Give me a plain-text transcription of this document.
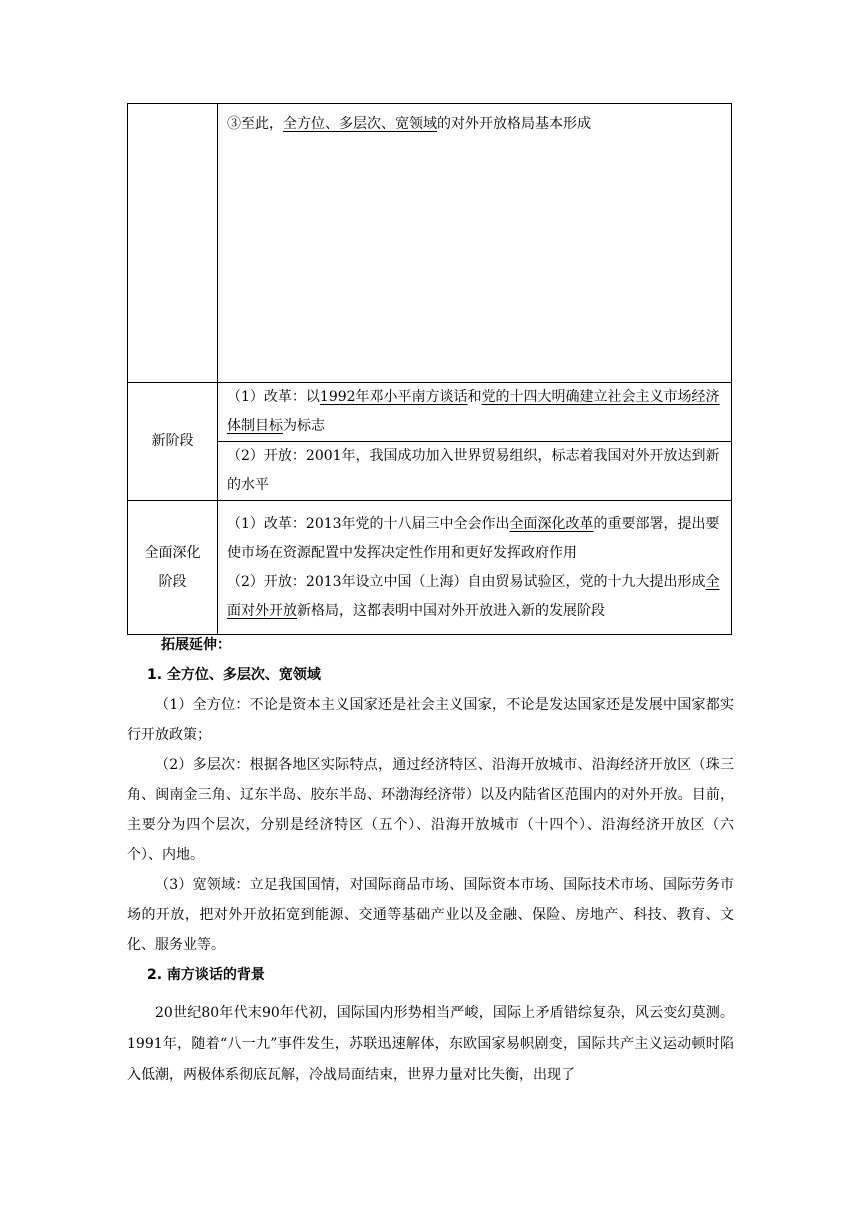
	③至此，全方位、多层次、宽领域的对外开放格局基本形成
新阶段	（1）改革：以1992年邓小平南方谈话和党的十四大明确建立社会主义市场经济体制目标为标志
	（2）开放：2001年，我国成功加入世界贸易组织，标志着我国对外开放达到新的水平
全面深化阶段	（1）改革：2013年党的十八届三中全会作出全面深化改革的重要部署，提出要使市场在资源配置中发挥决定性作用和更好发挥政府作用
（2）开放：2013年设立中国（上海）自由贸易试验区，党的十九大提出形成全面对外开放新格局，这都表明中国对外开放进入新的发展阶段

拓展延伸：

1. 全方位、多层次、宽领域

（1）全方位：不论是资本主义国家还是社会主义国家，不论是发达国家还是发展中国家都实行开放政策；

（2）多层次：根据各地区实际特点，通过经济特区、沿海开放城市、沿海经济开放区（珠三角、闽南金三角、辽东半岛、胶东半岛、环渤海经济带）以及内陆省区范围内的对外开放。目前，主要分为四个层次，分别是经济特区（五个）、沿海开放城市（十四个）、沿海经济开放区（六个）、内地。

（3）宽领域：立足我国国情，对国际商品市场、国际资本市场、国际技术市场、国际劳务市场的开放，把对外开放拓宽到能源、交通等基础产业以及金融、保险、房地产、科技、教育、文化、服务业等。

2. 南方谈话的背景

20世纪80年代末90年代初，国际国内形势相当严峻，国际上矛盾错综复杂，风云变幻莫测。1991年，随着“八一九”事件发生，苏联迅速解体，东欧国家易帜剧变，国际共产主义运动顿时陷入低潮，两极体系彻底瓦解，冷战局面结束，世界力量对比失衡，出现了
